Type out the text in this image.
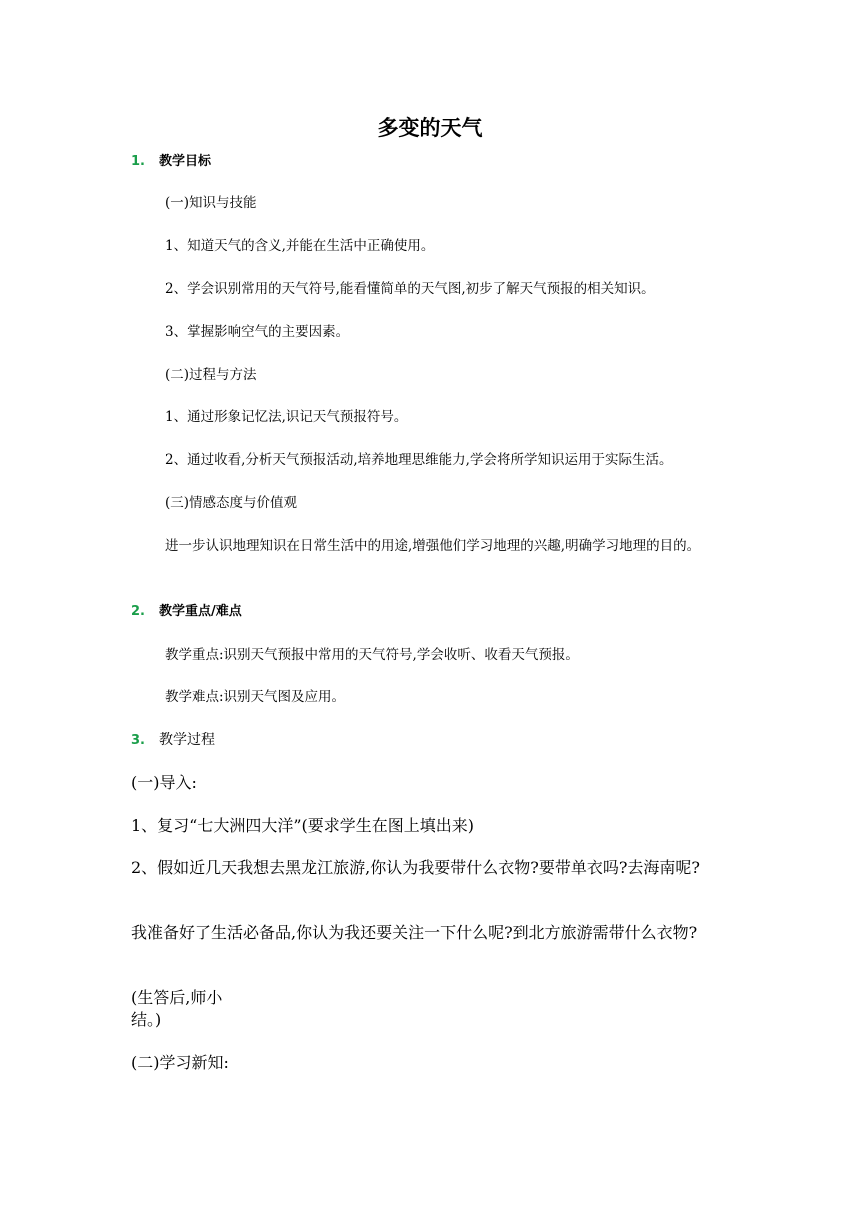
多变的天气
1. 教学目标
(一)知识与技能
1、知道天气的含义,并能在生活中正确使用。
2、学会识别常用的天气符号,能看懂简单的天气图,初步了解天气预报的相关知识。
3、掌握影响空气的主要因素。
(二)过程与方法
1、通过形象记忆法,识记天气预报符号。
2、通过收看,分析天气预报活动,培养地理思维能力,学会将所学知识运用于实际生活。
(三)情感态度与价值观
进一步认识地理知识在日常生活中的用途,增强他们学习地理的兴趣,明确学习地理的目的。
2. 教学重点/难点
教学重点:识别天气预报中常用的天气符号,学会收听、收看天气预报。
教学难点:识别天气图及应用。
3. 教学过程
(一)导入:
1、复习“七大洲四大洋”(要求学生在图上填出来)
2、假如近几天我想去黑龙江旅游,你认为我要带什么衣物?要带单衣吗?去海南呢?
我准备好了生活必备品,你认为我还要关注一下什么呢?到北方旅游需带什么衣物?
(生答后,师小结。)
(二)学习新知:
